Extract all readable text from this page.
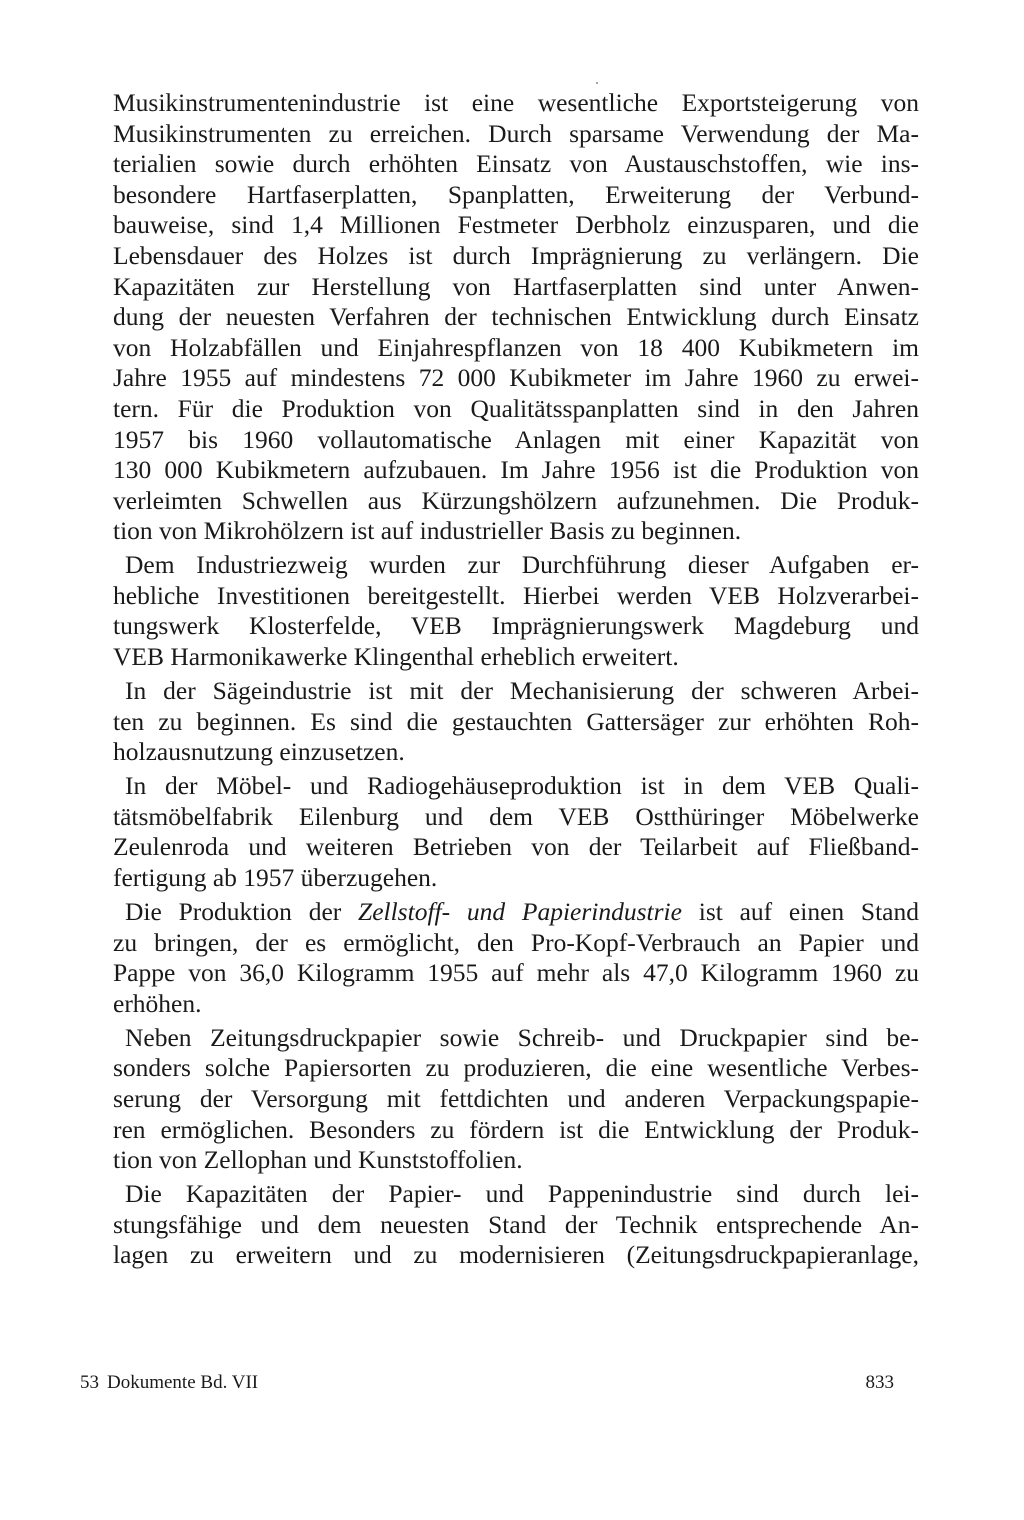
Musikinstrumentenindustrie ist eine wesentliche Exportsteigerung von
Musikinstrumenten zu erreichen. Durch sparsame Verwendung der Ma-
terialien sowie durch erhöhten Einsatz von Austauschstoffen, wie ins-
besondere Hartfaserplatten, Spanplatten, Erweiterung der Verbund-
bauweise, sind 1,4 Millionen Festmeter Derbholz einzusparen, und die
Lebensdauer des Holzes ist durch Imprägnierung zu verlängern. Die
Kapazitäten zur Herstellung von Hartfaserplatten sind unter Anwen-
dung der neuesten Verfahren der technischen Entwicklung durch Einsatz
von Holzabfällen und Einjahrespflanzen von 18 400 Kubikmetern im
Jahre 1955 auf mindestens 72 000 Kubikmeter im Jahre 1960 zu erwei-
tern. Für die Produktion von Qualitätsspanplatten sind in den Jahren
1957 bis 1960 vollautomatische Anlagen mit einer Kapazität von
130 000 Kubikmetern aufzubauen. Im Jahre 1956 ist die Produktion von
verleimten Schwellen aus Kürzungshölzern aufzunehmen. Die Produk-
tion von Mikrohölzern ist auf industrieller Basis zu beginnen.
Dem Industriezweig wurden zur Durchführung dieser Aufgaben er-
hebliche Investitionen bereitgestellt. Hierbei werden VEB Holzverarbei-
tungswerk Klosterfelde, VEB Imprägnierungswerk Magdeburg und
VEB Harmonikawerke Klingenthal erheblich erweitert.
In der Sägeindustrie ist mit der Mechanisierung der schweren Arbei-
ten zu beginnen. Es sind die gestauchten Gattersäger zur erhöhten Roh-
holzausnutzung einzusetzen.
In der Möbel- und Radiogehäuseproduktion ist in dem VEB Quali-
tätsmöbelfabrik Eilenburg und dem VEB Ostthüringer Möbelwerke
Zeulenroda und weiteren Betrieben von der Teilarbeit auf Fließband-
fertigung ab 1957 überzugehen.
Die Produktion der Zellstoff- und Papierindustrie ist auf einen Stand
zu bringen, der es ermöglicht, den Pro-Kopf-Verbrauch an Papier und
Pappe von 36,0 Kilogramm 1955 auf mehr als 47,0 Kilogramm 1960 zu
erhöhen.
Neben Zeitungsdruckpapier sowie Schreib- und Druckpapier sind be-
sonders solche Papiersorten zu produzieren, die eine wesentliche Verbes-
serung der Versorgung mit fettdichten und anderen Verpackungspapie-
ren ermöglichen. Besonders zu fördern ist die Entwicklung der Produk-
tion von Zellophan und Kunststoffolien.
Die Kapazitäten der Papier- und Pappenindustrie sind durch lei-
stungsfähige und dem neuesten Stand der Technik entsprechende An-
lagen zu erweitern und zu modernisieren (Zeitungsdruckpapieranlage,
53 Dokumente Bd. VII	833
